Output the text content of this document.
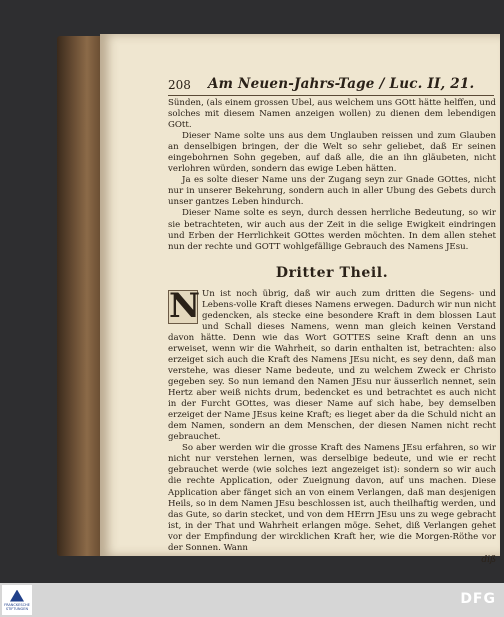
208	Am Neuen-Jahrs-Tage / Luc. II, 21.

Sünden, (als einem grossen Ubel, aus welchem uns GOtt hätte helffen, und solches mit diesem Namen anzeigen wollen) zu dienen dem lebendigen GOtt.

Dieser Name solte uns aus dem Unglauben reissen und zum Glauben an denselbigen bringen, der die Welt so sehr geliebet, daß Er seinen eingebohrnen Sohn gegeben, auf daß alle, die an ihn gläubeten, nicht verlohren würden, sondern das ewige Leben hätten.

Ja es solte dieser Name uns der Zugang seyn zur Gnade GOttes, nicht nur in unserer Bekehrung, sondern auch in aller Ubung des Gebets durch unser gantzes Leben hindurch.

Dieser Name solte es seyn, durch dessen herrliche Bedeutung, so wir sie betrachteten, wir auch aus der Zeit in die selige Ewigkeit eindringen und Erben der Herrlichkeit GOttes werden möchten. In dem allen stehet nun der rechte und GOTT wohlgefällige Gebrauch des Namens JEsu.

Dritter Theil.

N Un ist noch übrig, daß wir auch zum dritten die Segens- und Lebens-volle Kraft dieses Namens erwegen. Dadurch wir nun nicht gedencken, als stecke eine besondere Kraft in dem blossen Laut und Schall dieses Namens, wenn man gleich keinen Verstand davon hätte. Denn wie das Wort GOTTES seine Kraft denn an uns erweiset, wenn wir die Wahrheit, so darin enthalten ist, betrachten: also erzeiget sich auch die Kraft des Namens JEsu nicht, es sey denn, daß man verstehe, was dieser Name bedeute, und zu welchem Zweck er Christo gegeben sey. So nun iemand den Namen JEsu nur äusserlich nennet, sein Hertz aber weiß nichts drum, bedencket es und betrachtet es auch nicht in der Furcht GOttes, was dieser Name auf sich habe, bey demselben erzeiget der Name JEsus keine Kraft; es lieget aber da die Schuld nicht an dem Namen, sondern an dem Menschen, der diesen Namen nicht recht gebrauchet.

So aber werden wir die grosse Kraft des Namens JEsu erfahren, so wir nicht nur verstehen lernen, was derselbige bedeute, und wie er recht gebrauchet werde (wie solches iezt angezeiget ist): sondern so wir auch die rechte Application, oder Zueignung davon, auf uns machen. Diese Application aber fänget sich an von einem Verlangen, daß man desjenigen Heils, so in dem Namen JEsu beschlossen ist, auch theilhaftig werden, und das Gute, so darin stecket, und von dem HErrn JEsu uns zu wege gebracht ist, in der That und Wahrheit erlangen möge. Sehet, diß Verlangen gehet vor der Empfindung der wircklichen Kraft her, wie die Morgen-Röthe vor der Sonnen. Wann

diß
FRANCKESCHE STIFTUNGEN
DFG
